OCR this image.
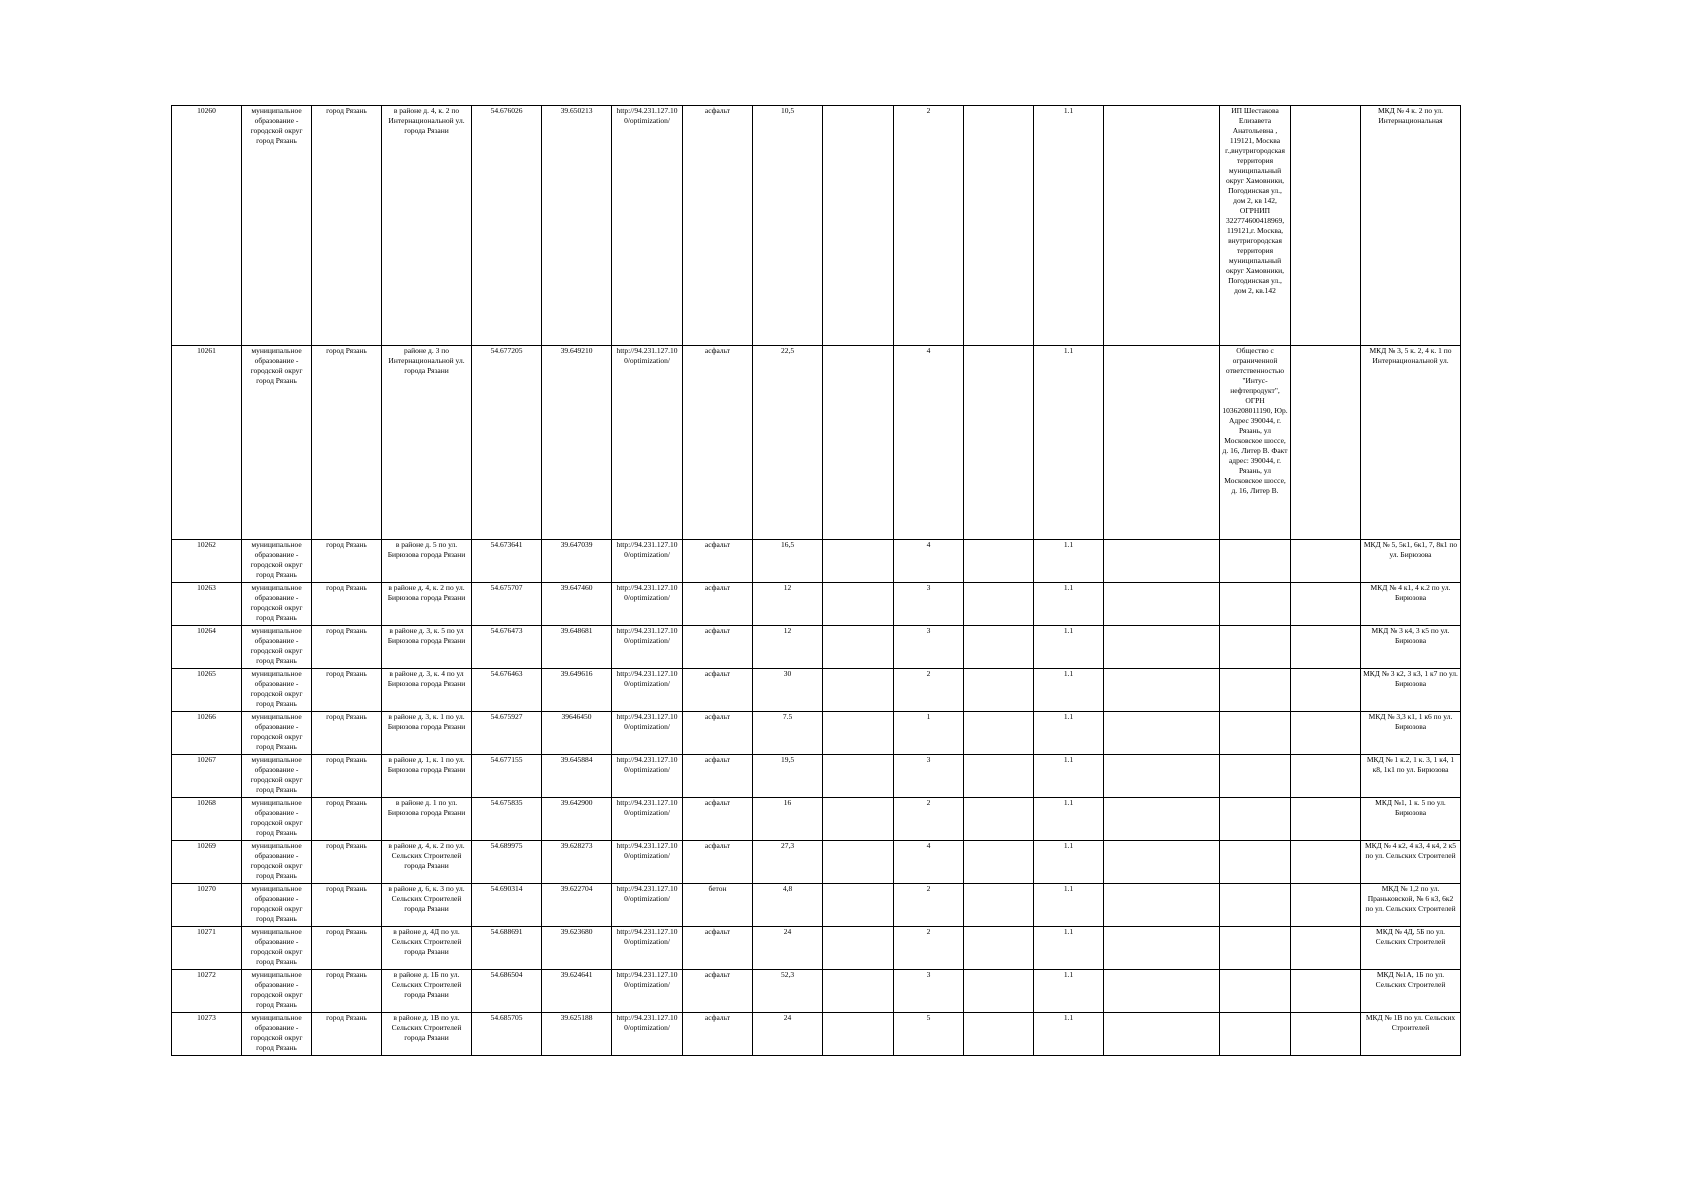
10260	муниципальное образование - городской округ город Рязань	город Рязань	в районе д. 4, к. 2 по Интернациональной ул. города Рязани	54.676026	39.650213	http://94.231.127.10 0/optimization/	асфальт	10,5		2		1.1		ИП Шестакова Елизавета Анатольевна , 119121, Москва г.,внутригородская территория муниципальный округ Хамовники, Погодинская ул., дом 2, кв 142, ОГРНИП 322774600418969, 119121,г. Москва, внутригородская территория муниципальный округ Хамовники, Погодинская ул., дом 2, кв.142		МКД № 4 к. 2 по ул. Интернациональная
10261	муниципальное образование - городской округ город Рязань	город Рязань	районе д. 3 по Интернациональной ул. города Рязани	54.677205	39.649210	http://94.231.127.10 0/optimization/	асфальт	22,5		4		1.1		Общество с ограниченной ответственностью "Интус-нефтепродукт", ОГРН 1036208011190, Юр. Адрес 390044, г. Рязань, ул Московское шоссе, д. 16, Литер В. Факт адрес: 390044, г. Рязань, ул Московское шоссе, д. 16, Литер В.		МКД № 3, 5 к. 2, 4 к. 1 по Интернациональной ул.
10262	муниципальное образование - городской округ город Рязань	город Рязань	в районе д. 5 по ул. Бирюзова города Рязани	54.673641	39.647039	http://94.231.127.10 0/optimization/	асфальт	16,5		4		1.1				МКД № 5, 5к1, 6к1, 7, 8к1 по ул. Бирюзова
10263	муниципальное образование - городской округ город Рязань	город Рязань	в районе д. 4, к. 2 по ул. Бирюзова города Рязани	54.675707	39.647460	http://94.231.127.10 0/optimization/	асфальт	12		3		1.1				МКД № 4 к1, 4 к.2 по ул. Бирюзова
10264	муниципальное образование - городской округ город Рязань	город Рязань	в районе д. 3, к. 5 по ул Бирюзова города Рязани	54.676473	39.648681	http://94.231.127.10 0/optimization/	асфальт	12		3		1.1				МКД № 3 к4, 3 к5 по ул. Бирюзова
10265	муниципальное образование - городской округ город Рязань	город Рязань	в районе д. 3, к. 4 по ул Бирюзова города Рязани	54.676463	39.649616	http://94.231.127.10 0/optimization/	асфальт	30		2		1.1				МКД № 3 к2, 3 к3, 1 к7 по ул. Бирюзова
10266	муниципальное образование - городской округ город Рязань	город Рязань	в районе д. 3, к. 1 по ул. Бирюзова города Рязани	54.675927	39646450	http://94.231.127.10 0/optimization/	асфальт	7.5		1		1.1				МКД № 3,3 к1, 1 к6 по ул. Бирюзова
10267	муниципальное образование - городской округ город Рязань	город Рязань	в районе д. 1, к. 1 по ул. Бирюзова города Рязани	54.677155	39.645884	http://94.231.127.10 0/optimization/	асфальт	19,5		3		1.1				МКД № 1 к.2, 1 к. 3, 1 к4, 1 к8, 1к1 по ул. Бирюзова
10268	муниципальное образование - городской округ город Рязань	город Рязань	в районе д. 1 по ул. Бирюзова города Рязани	54.675835	39.642900	http://94.231.127.10 0/optimization/	асфальт	16		2		1.1				МКД №1, 1 к. 5 по ул. Бирюзова
10269	муниципальное образование - городской округ город Рязань	город Рязань	в районе д. 4, к. 2 по ул. Сельских Строителей города Рязани	54.689975	39.628273	http://94.231.127.10 0/optimization/	асфальт	27,3		4		1.1				МКД № 4 к2, 4 к3, 4 к4, 2 к5 по ул. Сельских Строителей
10270	муниципальное образование - городской округ город Рязань	город Рязань	в районе д. 6, к. 3 по ул. Сельских Строителей города Рязани	54.690314	39.622704	http://94.231.127.10 0/optimization/	бетон	4,8		2		1.1				МКД № 1,2 по ул. Праньковской, № 6 к3, 6к2 по ул. Сельских Строителей
10271	муниципальное образование - городской округ город Рязань	город Рязань	в районе д. 4Д по ул. Сельских Строителей города Рязани	54.688691	39.623680	http://94.231.127.10 0/optimization/	асфальт	24		2		1.1				МКД № 4Д, 5Б по ул. Сельских Строителей
10272	муниципальное образование - городской округ город Рязань	город Рязань	в районе д. 1Б по ул. Сельских Строителей города Рязани	54.686504	39.624641	http://94.231.127.10 0/optimization/	асфальт	52,3		3		1.1				МКД №1А, 1Б по ул. Сельских Строителей
10273	муниципальное образование - городской округ город Рязань	город Рязань	в районе д. 1В по ул. Сельских Строителей города Рязани	54.685705	39.625188	http://94.231.127.10 0/optimization/	асфальт	24		5		1.1				МКД № 1В по ул. Сельских Строителей
